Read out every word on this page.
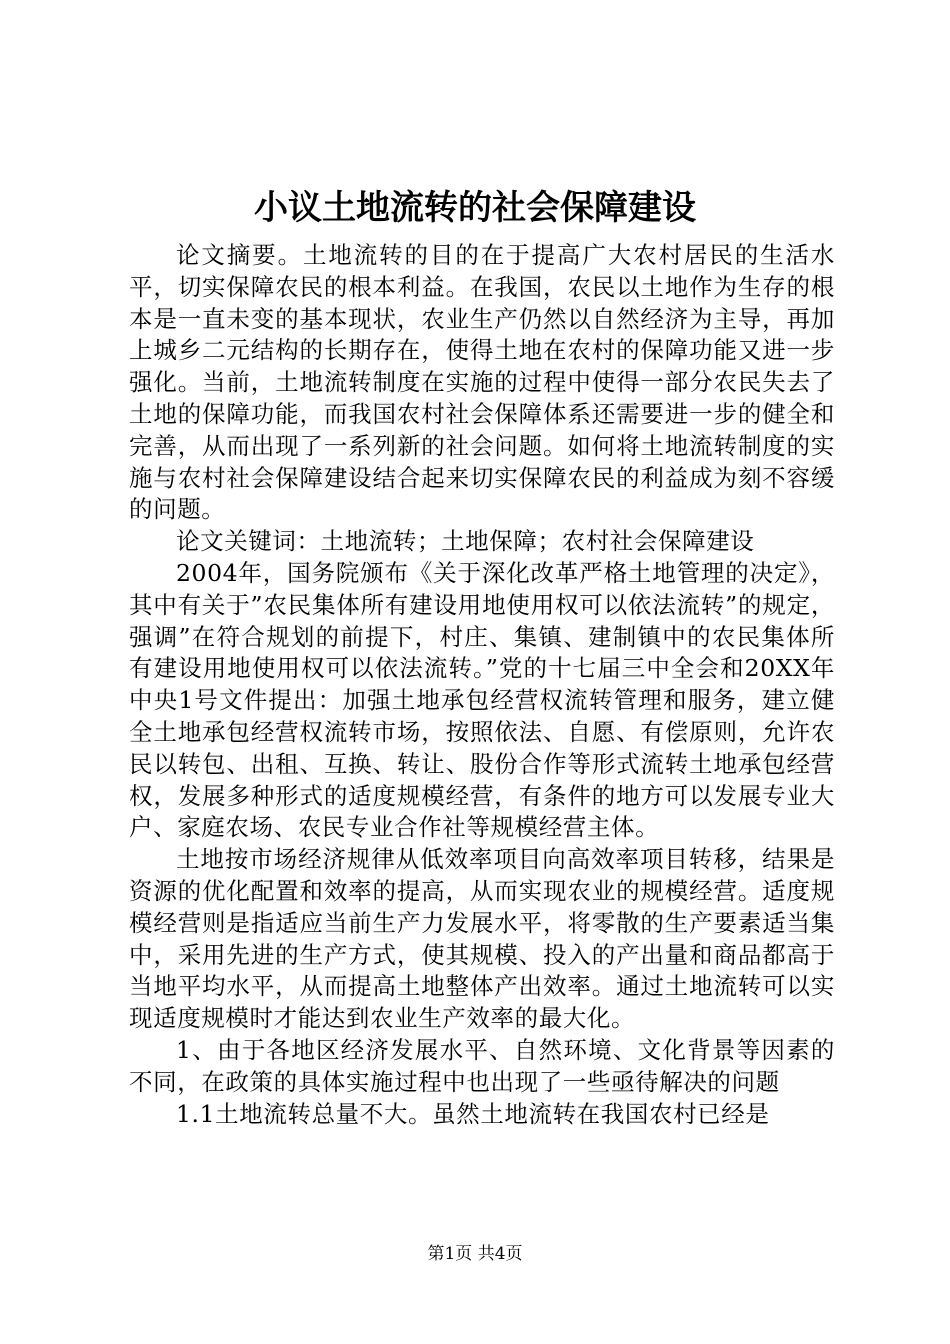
小议土地流转的社会保障建设

论文摘要。土地流转的目的在于提高广大农村居民的生活水平，切实保障农民的根本利益。在我国，农民以土地作为生存的根本是一直未变的基本现状，农业生产仍然以自然经济为主导，再加上城乡二元结构的长期存在，使得土地在农村的保障功能又进一步强化。当前，土地流转制度在实施的过程中使得一部分农民失去了土地的保障功能，而我国农村社会保障体系还需要进一步的健全和完善，从而出现了一系列新的社会问题。如何将土地流转制度的实施与农村社会保障建设结合起来切实保障农民的利益成为刻不容缓的问题。

论文关键词：土地流转；土地保障；农村社会保障建设

2004年，国务院颁布《关于深化改革严格土地管理的决定》，其中有关于”农民集体所有建设用地使用权可以依法流转”的规定，强调”在符合规划的前提下，村庄、集镇、建制镇中的农民集体所有建设用地使用权可以依法流转。”党的十七届三中全会和20XX年中央1号文件提出：加强土地承包经营权流转管理和服务，建立健全土地承包经营权流转市场，按照依法、自愿、有偿原则，允许农民以转包、出租、互换、转让、股份合作等形式流转土地承包经营权，发展多种形式的适度规模经营，有条件的地方可以发展专业大户、家庭农场、农民专业合作社等规模经营主体。

土地按市场经济规律从低效率项目向高效率项目转移，结果是资源的优化配置和效率的提高，从而实现农业的规模经营。适度规模经营则是指适应当前生产力发展水平，将零散的生产要素适当集中，采用先进的生产方式，使其规模、投入的产出量和商品都高于当地平均水平，从而提高土地整体产出效率。通过土地流转可以实现适度规模时才能达到农业生产效率的最大化。

1、由于各地区经济发展水平、自然环境、文化背景等因素的不同，在政策的具体实施过程中也出现了一些亟待解决的问题

1.1土地流转总量不大。虽然土地流转在我国农村已经是

第1页 共4页
